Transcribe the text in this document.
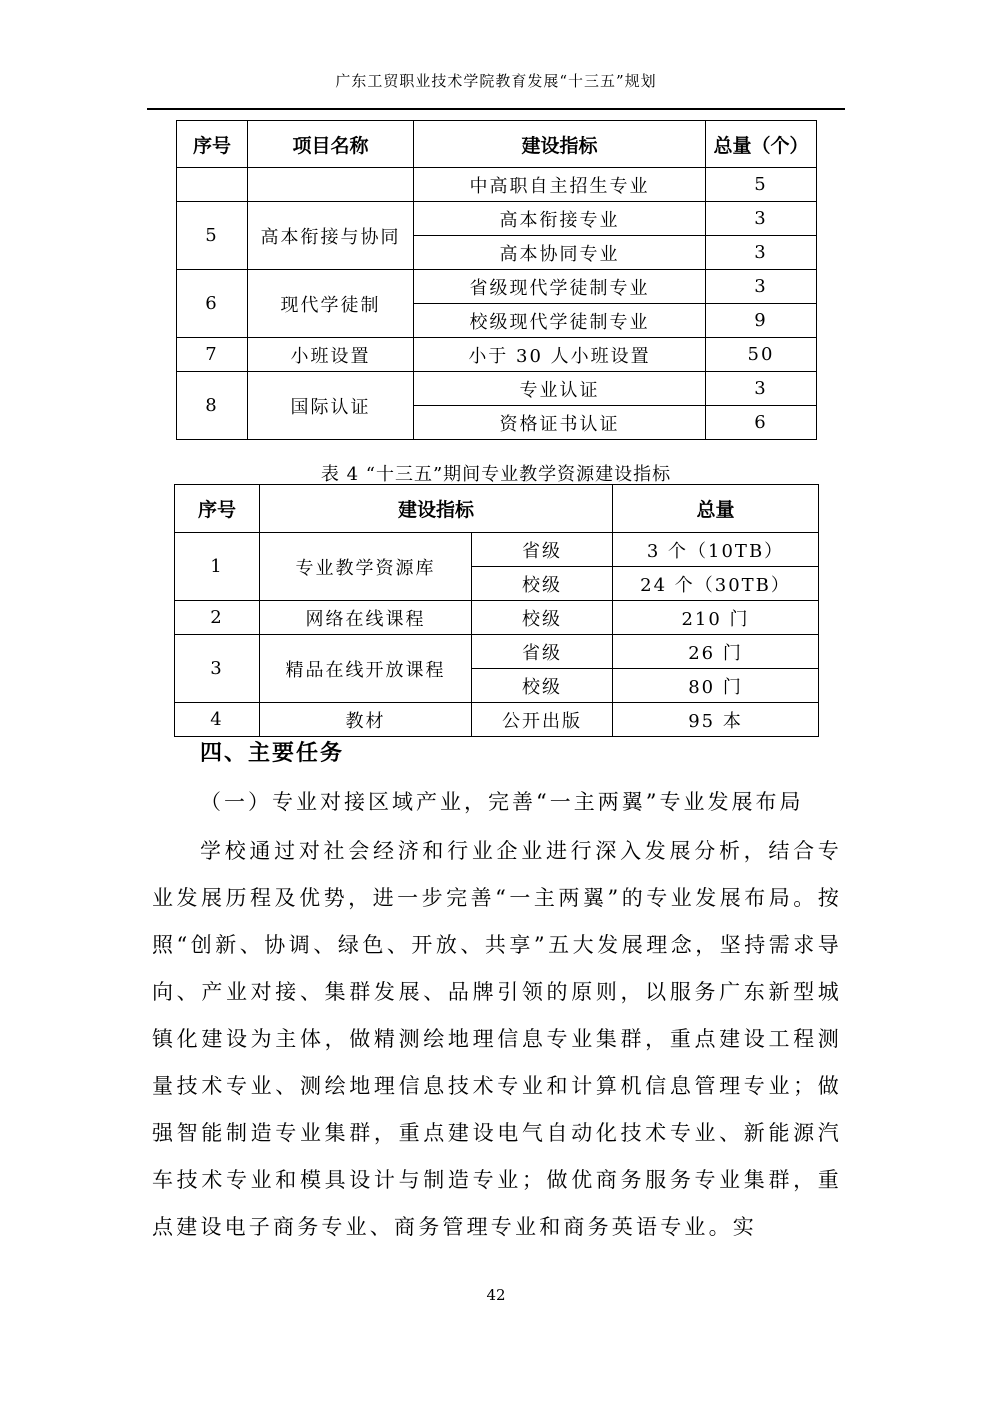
广东工贸职业技术学院教育发展“十三五”规划
序号	项目名称	建设指标	总量（个）
		中高职自主招生专业	5
5	高本衔接与协同	高本衔接专业	3
		高本协同专业	3
6	现代学徒制	省级现代学徒制专业	3
		校级现代学徒制专业	9
7	小班设置	小于 30 人小班设置	50
8	国际认证	专业认证	3
		资格证书认证	6
表 4 “十三五”期间专业教学资源建设指标
序号	建设指标		总量
1	专业教学资源库	省级	3 个（10TB）
		校级	24 个（30TB）
2	网络在线课程	校级	210 门
3	精品在线开放课程	省级	26 门
		校级	80 门
4	教材	公开出版	95 本
四、主要任务
（一）专业对接区域产业，完善“一主两翼”专业发展布局

学校通过对社会经济和行业企业进行深入发展分析，结合专业发展历程及优势，进一步完善“一主两翼”的专业发展布局。按照“创新、协调、绿色、开放、共享”五大发展理念，坚持需求导向、产业对接、集群发展、品牌引领的原则，以服务广东新型城镇化建设为主体，做精测绘地理信息专业集群，重点建设工程测量技术专业、测绘地理信息技术专业和计算机信息管理专业；做强智能制造专业集群，重点建设电气自动化技术专业、新能源汽车技术专业和模具设计与制造专业；做优商务服务专业集群，重点建设电子商务专业、商务管理专业和商务英语专业。实

42
